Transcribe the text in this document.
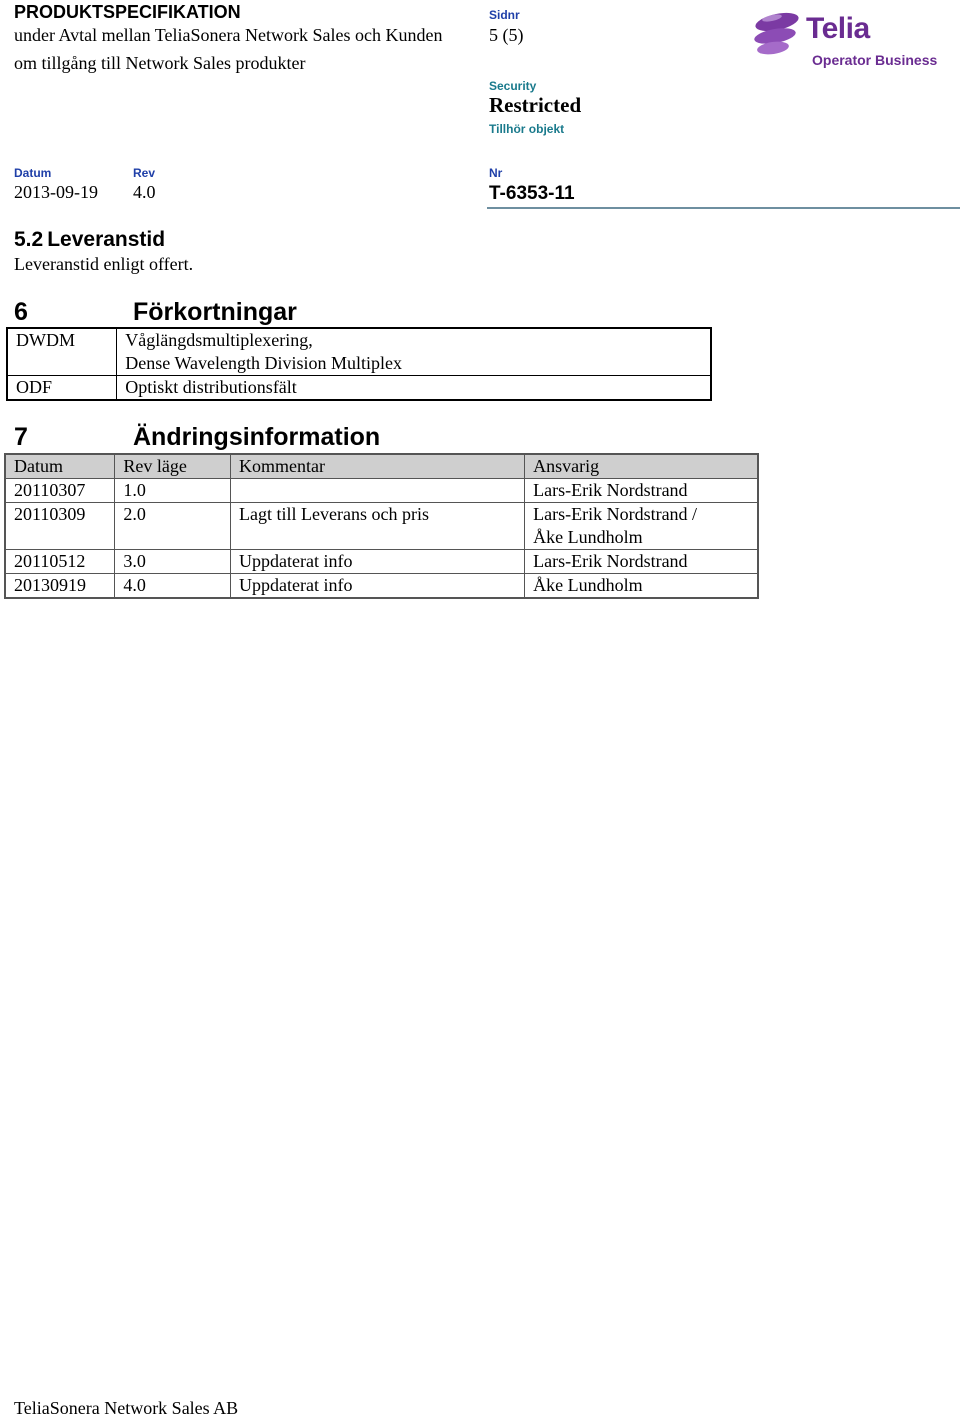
PRODUKTSPECIFIKATION
under Avtal mellan TeliaSonera Network Sales och Kunden
om tillgång till Network Sales produkter
Sidnr
5 (5)
Security
Restricted
Tillhör objekt
Datum
2013-09-19
Rev
4.0
Nr
T-6353-11
Telia
Operator Business
5.2 Leveranstid
Leveranstid enligt offert.
6	Förkortningar
DWDM	Våglängdsmultiplexering,
Dense Wavelength Division Multiplex

ODF	Optiskt distributionsfält
7	Ändringsinformation
Datum	Rev läge	Kommentar	Ansvarig
20110307	1.0		Lars-Erik Nordstrand
20110309	2.0	Lagt till Leverans och pris	Lars-Erik Nordstrand /
Åke Lundholm

20110512	3.0	Uppdaterat info	Lars-Erik Nordstrand
20130919	4.0	Uppdaterat info	Åke Lundholm
TeliaSonera Network Sales AB
